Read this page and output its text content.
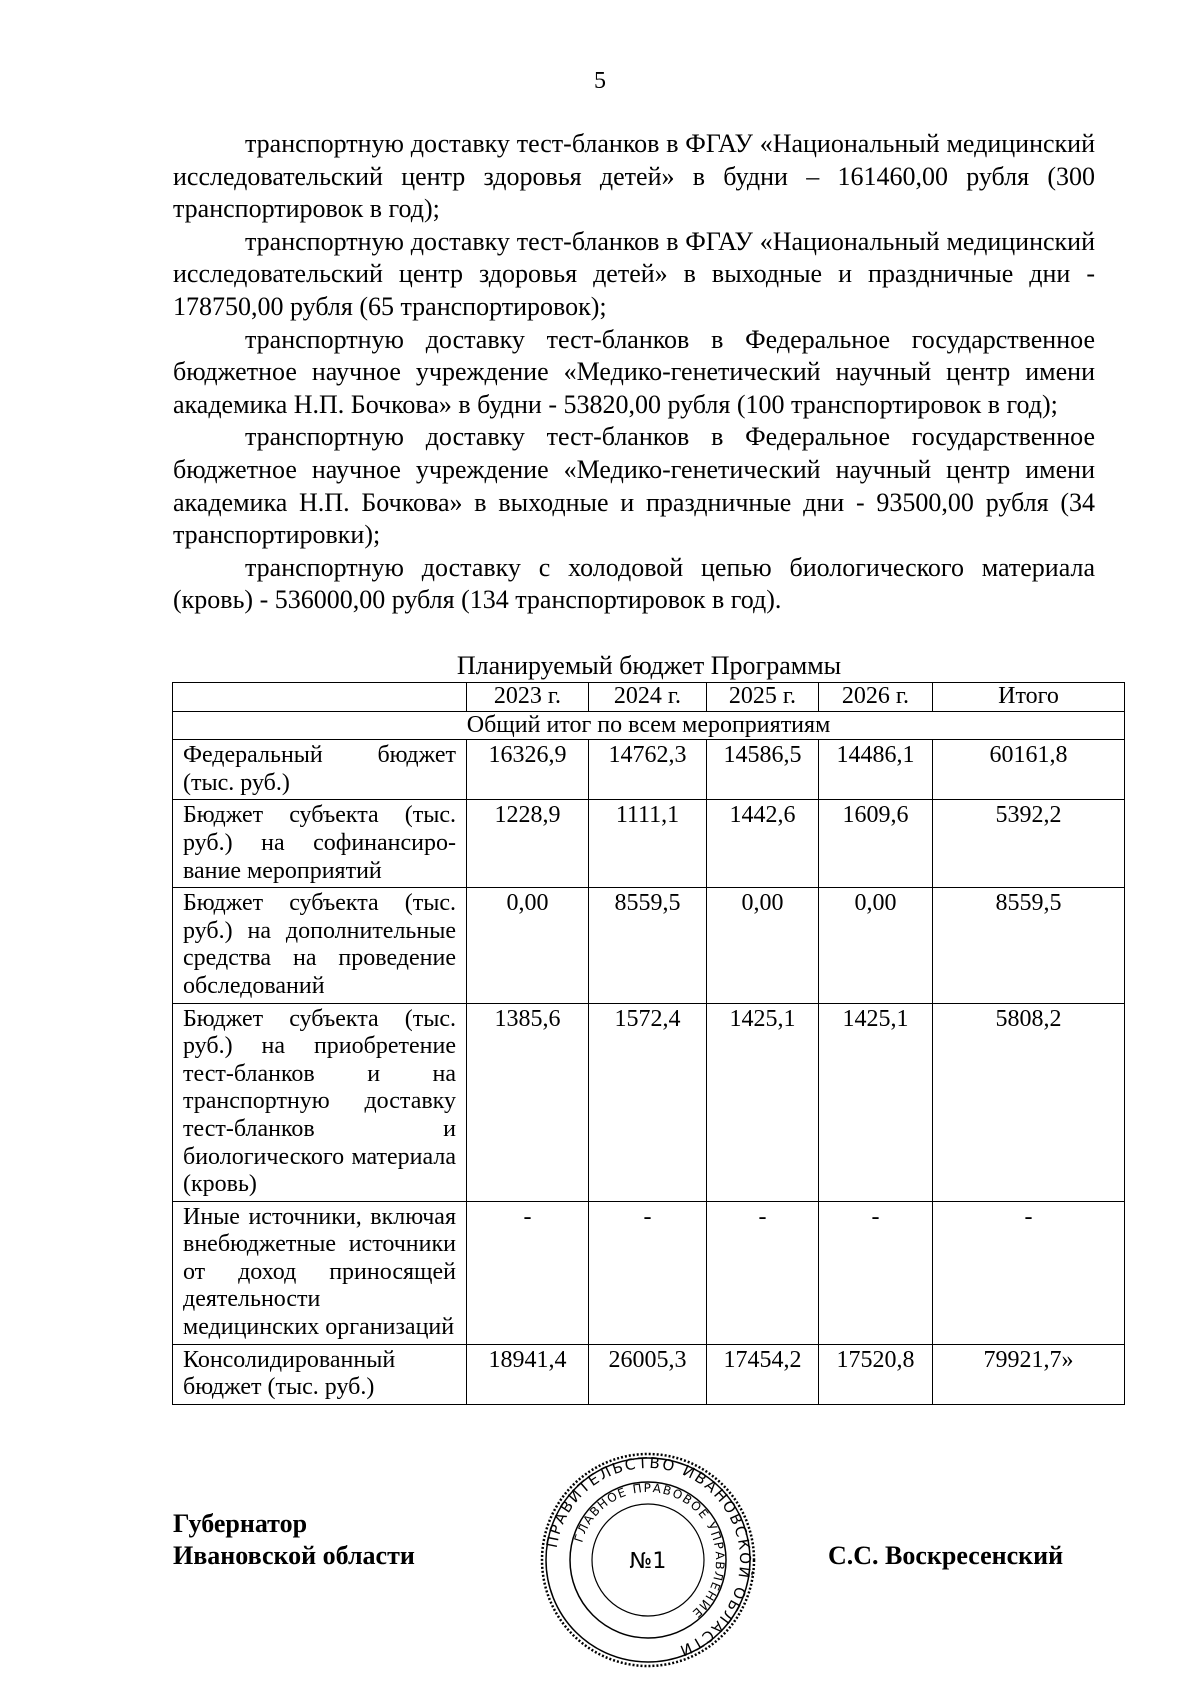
5

транспортную доставку тест-бланков в ФГАУ «Национальный медицинский исследовательский центр здоровья детей» в будни – 161460,00 рубля (300 транспортировок в год);

транспортную доставку тест-бланков в ФГАУ «Национальный медицинский исследовательский центр здоровья детей» в выходные и праздничные дни - 178750,00 рубля (65 транспортировок);

транспортную доставку тест-бланков в Федеральное государственное бюджетное научное учреждение «Медико-генетический научный центр имени академика Н.П. Бочкова» в будни - 53820,00 рубля (100 транспортировок в год);

транспортную доставку тест-бланков в Федеральное государственное бюджетное научное учреждение «Медико-генетический научный центр имени академика Н.П. Бочкова» в выходные и праздничные дни - 93500,00 рубля (34 транспортировки);

транспортную доставку с холодовой цепью биологического материала (кровь) - 536000,00 рубля (134 транспортировок в год).

Планируемый бюджет Программы
	2023 г.	2024 г.	2025 г.	2026 г.	Итого
Общий итог по всем мероприятиям					
Федеральный бюджет (тыс. руб.)	16326,9	14762,3	14586,5	14486,1	60161,8
Бюджет субъекта (тыс. руб.) на софинансиро-вание мероприятий	1228,9	1111,1	1442,6	1609,6	5392,2
Бюджет субъекта (тыс. руб.) на дополнительные средства на проведение обследований	0,00	8559,5	0,00	0,00	8559,5
Бюджет субъекта (тыс. руб.) на приобретение тест-бланков и на транспортную доставку тест-бланков и биологического материала (кровь)	1385,6	1572,4	1425,1	1425,1	5808,2
Иные источники, включая внебюджетные источники от доход приносящей деятельности медицинских организаций	-	-	-	-	-
Консолидированный бюджет (тыс. руб.)	18941,4	26005,3	17454,2	17520,8	79921,7»
Губернатор
Ивановской области	С.С. Воскресенский
ПРАВИТЕЛЬСТВО ИВАНОВСКОЙ ОБЛАСТИ
ГЛАВНОЕ ПРАВОВОЕ УПРАВЛЕНИЕ
№1
